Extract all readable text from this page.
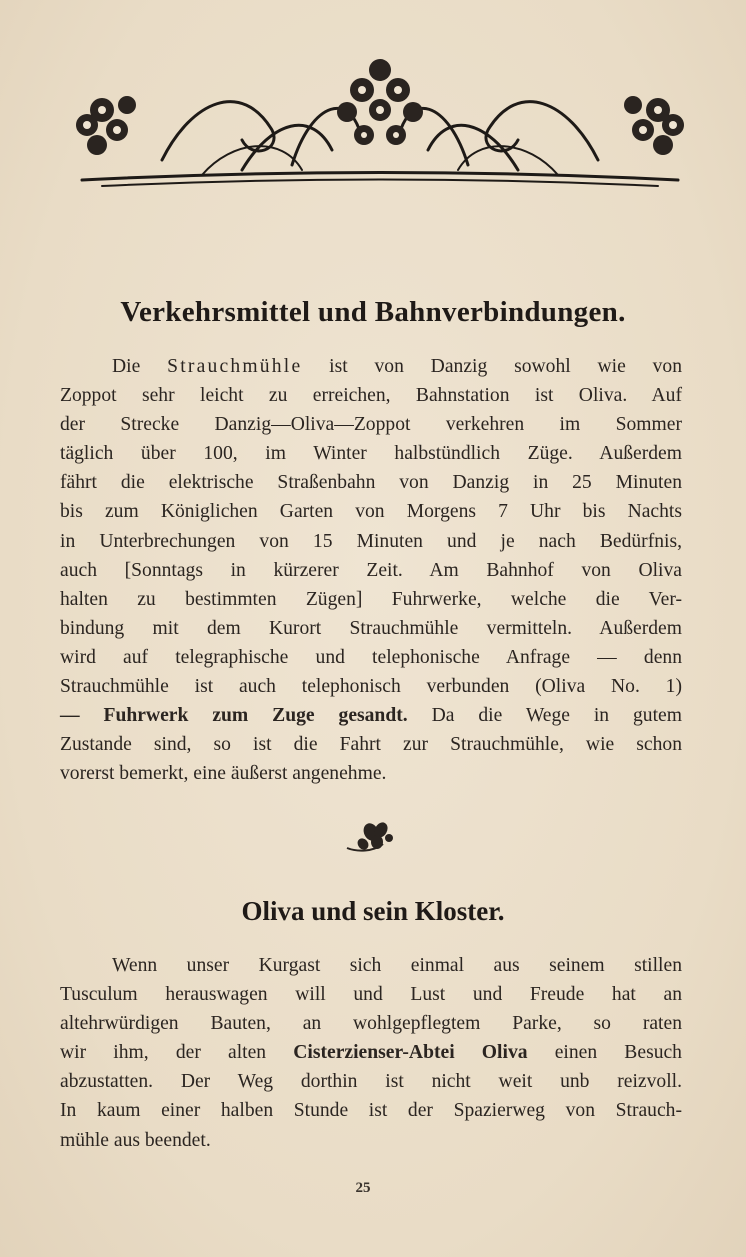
Verkehrsmittel und Bahnverbindungen.
Die Strauchmühle ist von Danzig sowohl wie von
Zoppot sehr leicht zu erreichen, Bahnstation ist Oliva. Auf
der Strecke Danzig—Oliva—Zoppot verkehren im Sommer
täglich über 100, im Winter halbstündlich Züge. Außerdem
fährt die elektrische Straßenbahn von Danzig in 25 Minuten
bis zum Königlichen Garten von Morgens 7 Uhr bis Nachts
in Unterbrechungen von 15 Minuten und je nach Bedürfnis,
auch [Sonntags in kürzerer Zeit. Am Bahnhof von Oliva
halten zu bestimmten Zügen] Fuhrwerke, welche die Ver-
bindung mit dem Kurort Strauchmühle vermitteln. Außerdem
wird auf telegraphische und telephonische Anfrage — denn
Strauchmühle ist auch telephonisch verbunden (Oliva No. 1)
— Fuhrwerk zum Zuge gesandt. Da die Wege in gutem
Zustande sind, so ist die Fahrt zur Strauchmühle, wie schon
vorerst bemerkt, eine äußerst angenehme.
Oliva und sein Kloster.
Wenn unser Kurgast sich einmal aus seinem stillen
Tusculum herauswagen will und Lust und Freude hat an
altehrwürdigen Bauten, an wohlgepflegtem Parke, so raten
wir ihm, der alten Cisterzienser-Abtei Oliva einen Besuch
abzustatten. Der Weg dorthin ist nicht weit unb reizvoll.
In kaum einer halben Stunde ist der Spazierweg von Strauch-
mühle aus beendet.
25
